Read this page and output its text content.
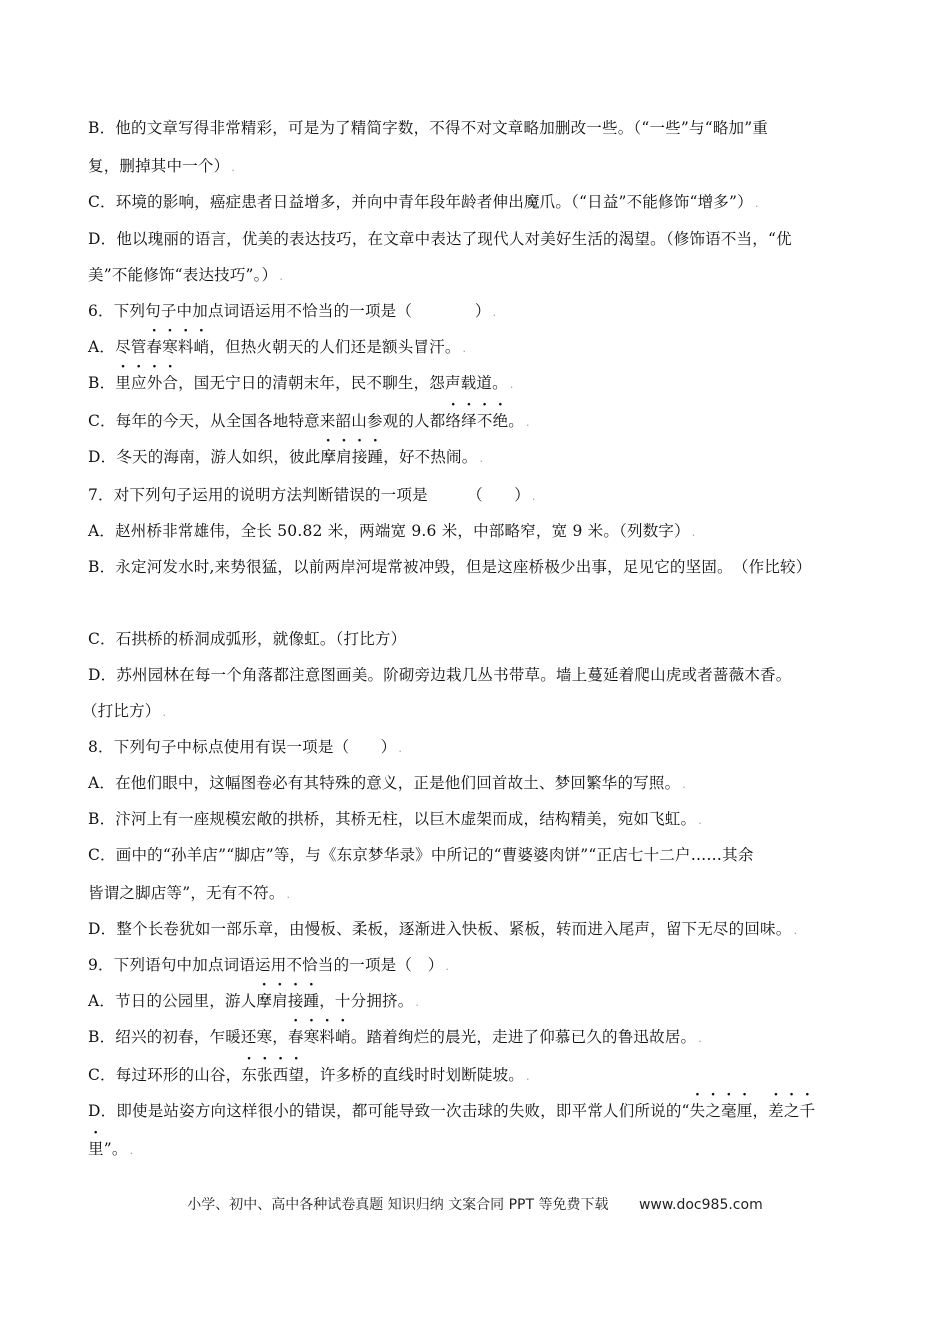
B．他的文章写得非常精彩，可是为了精简字数，不得不对文章略加删改一些。（“一些”与“略加”重
复，删掉其中一个） .
C．环境的影响，癌症患者日益增多，并向中青年段年龄者伸出魔爪。（“日益”不能修饰“增多”） .
D．他以瑰丽的语言，优美的表达技巧，在文章中表达了现代人对美好生活的渴望。（修饰语不当，“优
美”不能修饰“表达技巧”。） .
6．下列句子中加点词语运用不恰当的一项是（　　　　） .
A．尽管春寒料峭，但热火朝天的人们还是额头冒汗。 .
B．里应外合，国无宁日的清朝末年，民不聊生，怨声载道。 .
C．每年的今天，从全国各地特意来韶山参观的人都络绎不绝。 .
D．冬天的海南，游人如织，彼此摩肩接踵，好不热闹。 .
7．对下列句子运用的说明方法判断错误的一项是　　　（　　） .
A．赵州桥非常雄伟，全长 50.82 米，两端宽 9.6 米，中部略窄，宽 9 米。（列数字） .
B．永定河发水时,来势很猛，以前两岸河堤常被冲毁，但是这座桥极少出事，足见它的坚固。　（作比较）
C．石拱桥的桥洞成弧形，就像虹。（打比方）
D．苏州园林在每一个角落都注意图画美。阶砌旁边栽几丛书带草。墙上蔓延着爬山虎或者蔷薇木香。
（打比方） .
8．下列句子中标点使用有误一项是（　　） .
A．在他们眼中，这幅图卷必有其特殊的意义，正是他们回首故土、梦回繁华的写照。 .
B．汴河上有一座规模宏敞的拱桥，其桥无柱，以巨木虚架而成，结构精美，宛如飞虹。 .
C．画中的“孙羊店”“脚店”等，与《东京梦华录》中所记的“曹婆婆肉饼”“正店七十二户……其余
皆谓之脚店等”，无有不符。 .
D．整个长卷犹如一部乐章，由慢板、柔板，逐渐进入快板、紧板，转而进入尾声，留下无尽的回味。 .
9．下列语句中加点词语运用不恰当的一项是（　） .
A．节日的公园里，游人摩肩接踵，十分拥挤。 .
B．绍兴的初春，乍暖还寒，春寒料峭。踏着绚烂的晨光，走进了仰慕已久的鲁迅故居。 .
C．每过环形的山谷，东张西望，许多桥的直线时时划断陡坡。 .
D．即使是站姿方向这样很小的错误，都可能导致一次击球的失败，即平常人们所说的“失之毫厘，差之千
里”。 .
小学、初中、高中各种试卷真题 知识归纳 文案合同 PPT 等免费下载 www.doc985.com
